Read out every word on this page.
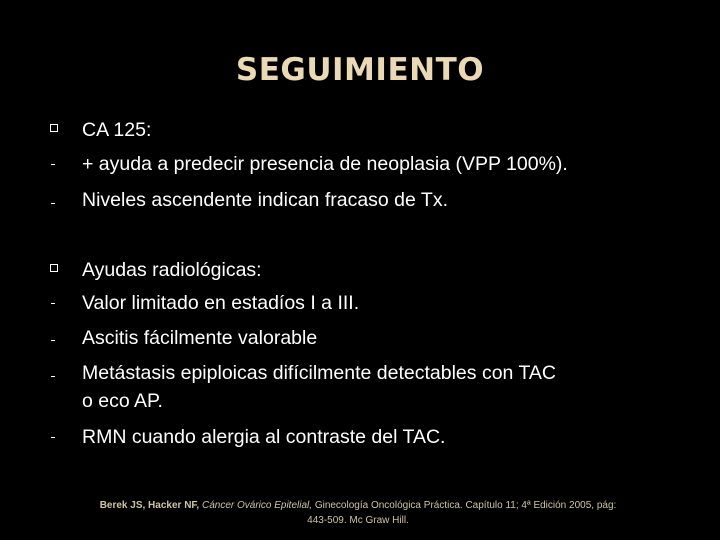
SEGUIMIENTO
CA 125:
+ ayuda a predecir presencia de neoplasia (VPP 100%).
Niveles ascendente indican fracaso de Tx.
Ayudas radiológicas:
Valor limitado en estadíos I a III.
Ascitis fácilmente valorable
Metástasis epiploicas difícilmente detectables con TAC
o eco AP.
RMN cuando alergia al contraste del TAC.
Berek JS, Hacker NF, Cáncer Ovárico Epitelial, Ginecología Oncológica Práctica. Capítulo 11; 4ª Edición 2005, pág:
443-509. Mc Graw Hill.
